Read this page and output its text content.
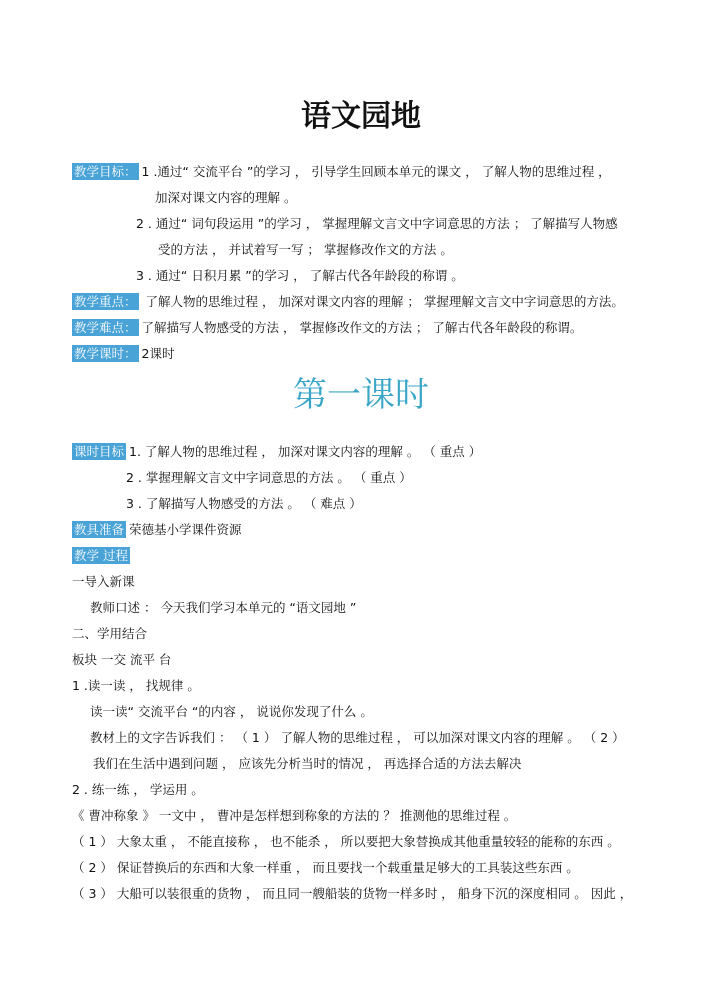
语文园地
教学目标： 1 .通过“ 交流平台 ”的学习 ， 引导学生回顾本单元的课文 ， 了解人物的思维过程 ，
加深对课文内容的理解 。
2 . 通过“ 词句段运用 ”的学习 ， 掌握理解文言文中字词意思的方法 ； 了解描写人物感
受的方法 ， 并试着写一写 ； 掌握修改作文的方法 。
3 . 通过“ 日积月累 ”的学习 ， 了解古代各年龄段的称谓 。
教学重点： 了解人物的思维过程 ， 加深对课文内容的理解 ； 掌握理解文言文中字词意思的方法。
教学难点： 了解描写人物感受的方法 ， 掌握修改作文的方法 ； 了解古代各年龄段的称谓。
教学课时： 2课时
第一课时
课时目标 1. 了解人物的思维过程 ， 加深对课文内容的理解 。 （ 重点 ）
2 . 掌握理解文言文中字词意思的方法 。 （ 重点 ）
3 . 了解描写人物感受的方法 。 （ 难点 ）
教具准备 荣德基小学课件资源
教学 过程
一导入新课
教师口述 ： 今天我们学习本单元的 “语文园地 ”
二、学用结合
板块 一交 流平 台
1 .读一读 ， 找规律 。
读一读“ 交流平台 “的内容 ， 说说你发现了什么 。
教材上的文字告诉我们 ： （ 1 ） 了解人物的思维过程 ， 可以加深对课文内容的理解 。 （ 2 ）
我们在生活中遇到问题 ， 应该先分析当时的情况 ， 再选择合适的方法去解决
2 . 练一练 ， 学运用 。
《 曹冲称象 》 一文中 ， 曹冲是怎样想到称象的方法的 ？ 推测他的思维过程 。
（ 1 ） 大象太重 ， 不能直接称 ， 也不能杀 ， 所以要把大象替换成其他重量较轻的能称的东西 。
（ 2 ） 保证替换后的东西和大象一样重 ， 而且要找一个载重量足够大的工具装这些东西 。
（ 3 ） 大船可以装很重的货物 ， 而且同一艘船装的货物一样多时 ， 船身下沉的深度相同 。 因此 ，
